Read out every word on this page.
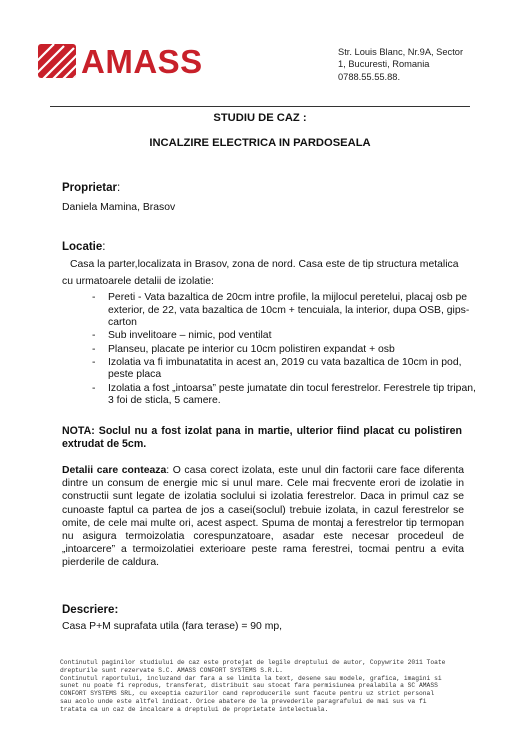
AMASS	Str. Louis Blanc, Nr.9A, Sector
1, Bucuresti, Romania
0788.55.55.88.
STUDIU DE CAZ :
INCALZIRE ELECTRICA IN PARDOSEALA
Proprietar:
Daniela Mamina, Brasov
Locatie:
Casa la parter,localizata in Brasov, zona de nord. Casa este de tip structura metalica
cu urmatoarele detalii de izolatie:
- Pereti - Vata bazaltica de 20cm intre profile, la mijlocul peretelui, placaj osb pe exterior, de 22, vata bazaltica de 10cm + tencuiala, la interior, dupa OSB, gips-carton
- Sub invelitoare – nimic, pod ventilat
- Planseu, placate pe interior cu 10cm polistiren expandat + osb
- Izolatia va fi imbunatatita in acest an, 2019 cu vata bazaltica de 10cm in pod, peste placa
- Izolatia a fost „intoarsa” peste jumatate din tocul ferestrelor. Ferestrele tip tripan, 3 foi de sticla, 5 camere.
NOTA: Soclul nu a fost izolat pana in martie, ulterior fiind placat cu polistiren extrudat de 5cm.
Detalii care conteaza: O casa corect izolata, este unul din factorii care face diferenta dintre un consum de energie mic si unul mare. Cele mai frecvente erori de izolatie in constructii sunt legate de izolatia soclului si izolatia ferestrelor. Daca in primul caz se cunoaste faptul ca partea de jos a casei(soclul) trebuie izolata, in cazul ferestrelor se omite, de cele mai multe ori, acest aspect. Spuma de montaj a ferestrelor tip termopan nu asigura termoizolatia corespunzatoare, asadar este necesar procedeul de „intoarcere” a termoizolatiei exterioare peste rama ferestrei, tocmai pentru a evita pierderile de caldura.
Descriere:
Casa P+M suprafata utila (fara terase) = 90 mp,
Continutul paginilor studiului de caz este protejat de legile dreptului de autor, Copywrite 2011 Toate
drepturile sunt rezervate S.C. AMASS CONFORT SYSTEMS S.R.L.
Continutul raportului, incluzand dar fara a se limita la text, desene sau modele, grafica, imagini si
sunet nu poate fi reprodus, transferat, distribuit sau stocat fara permisiunea prealabila a SC AMASS
CONFORT SYSTEMS SRL, cu exceptia cazurilor cand reproducerile sunt facute pentru uz strict personal
sau acolo unde este altfel indicat. Orice abatere de la prevederile paragrafului de mai sus va fi
tratata ca un caz de incalcare a dreptului de proprietate intelectuala.
